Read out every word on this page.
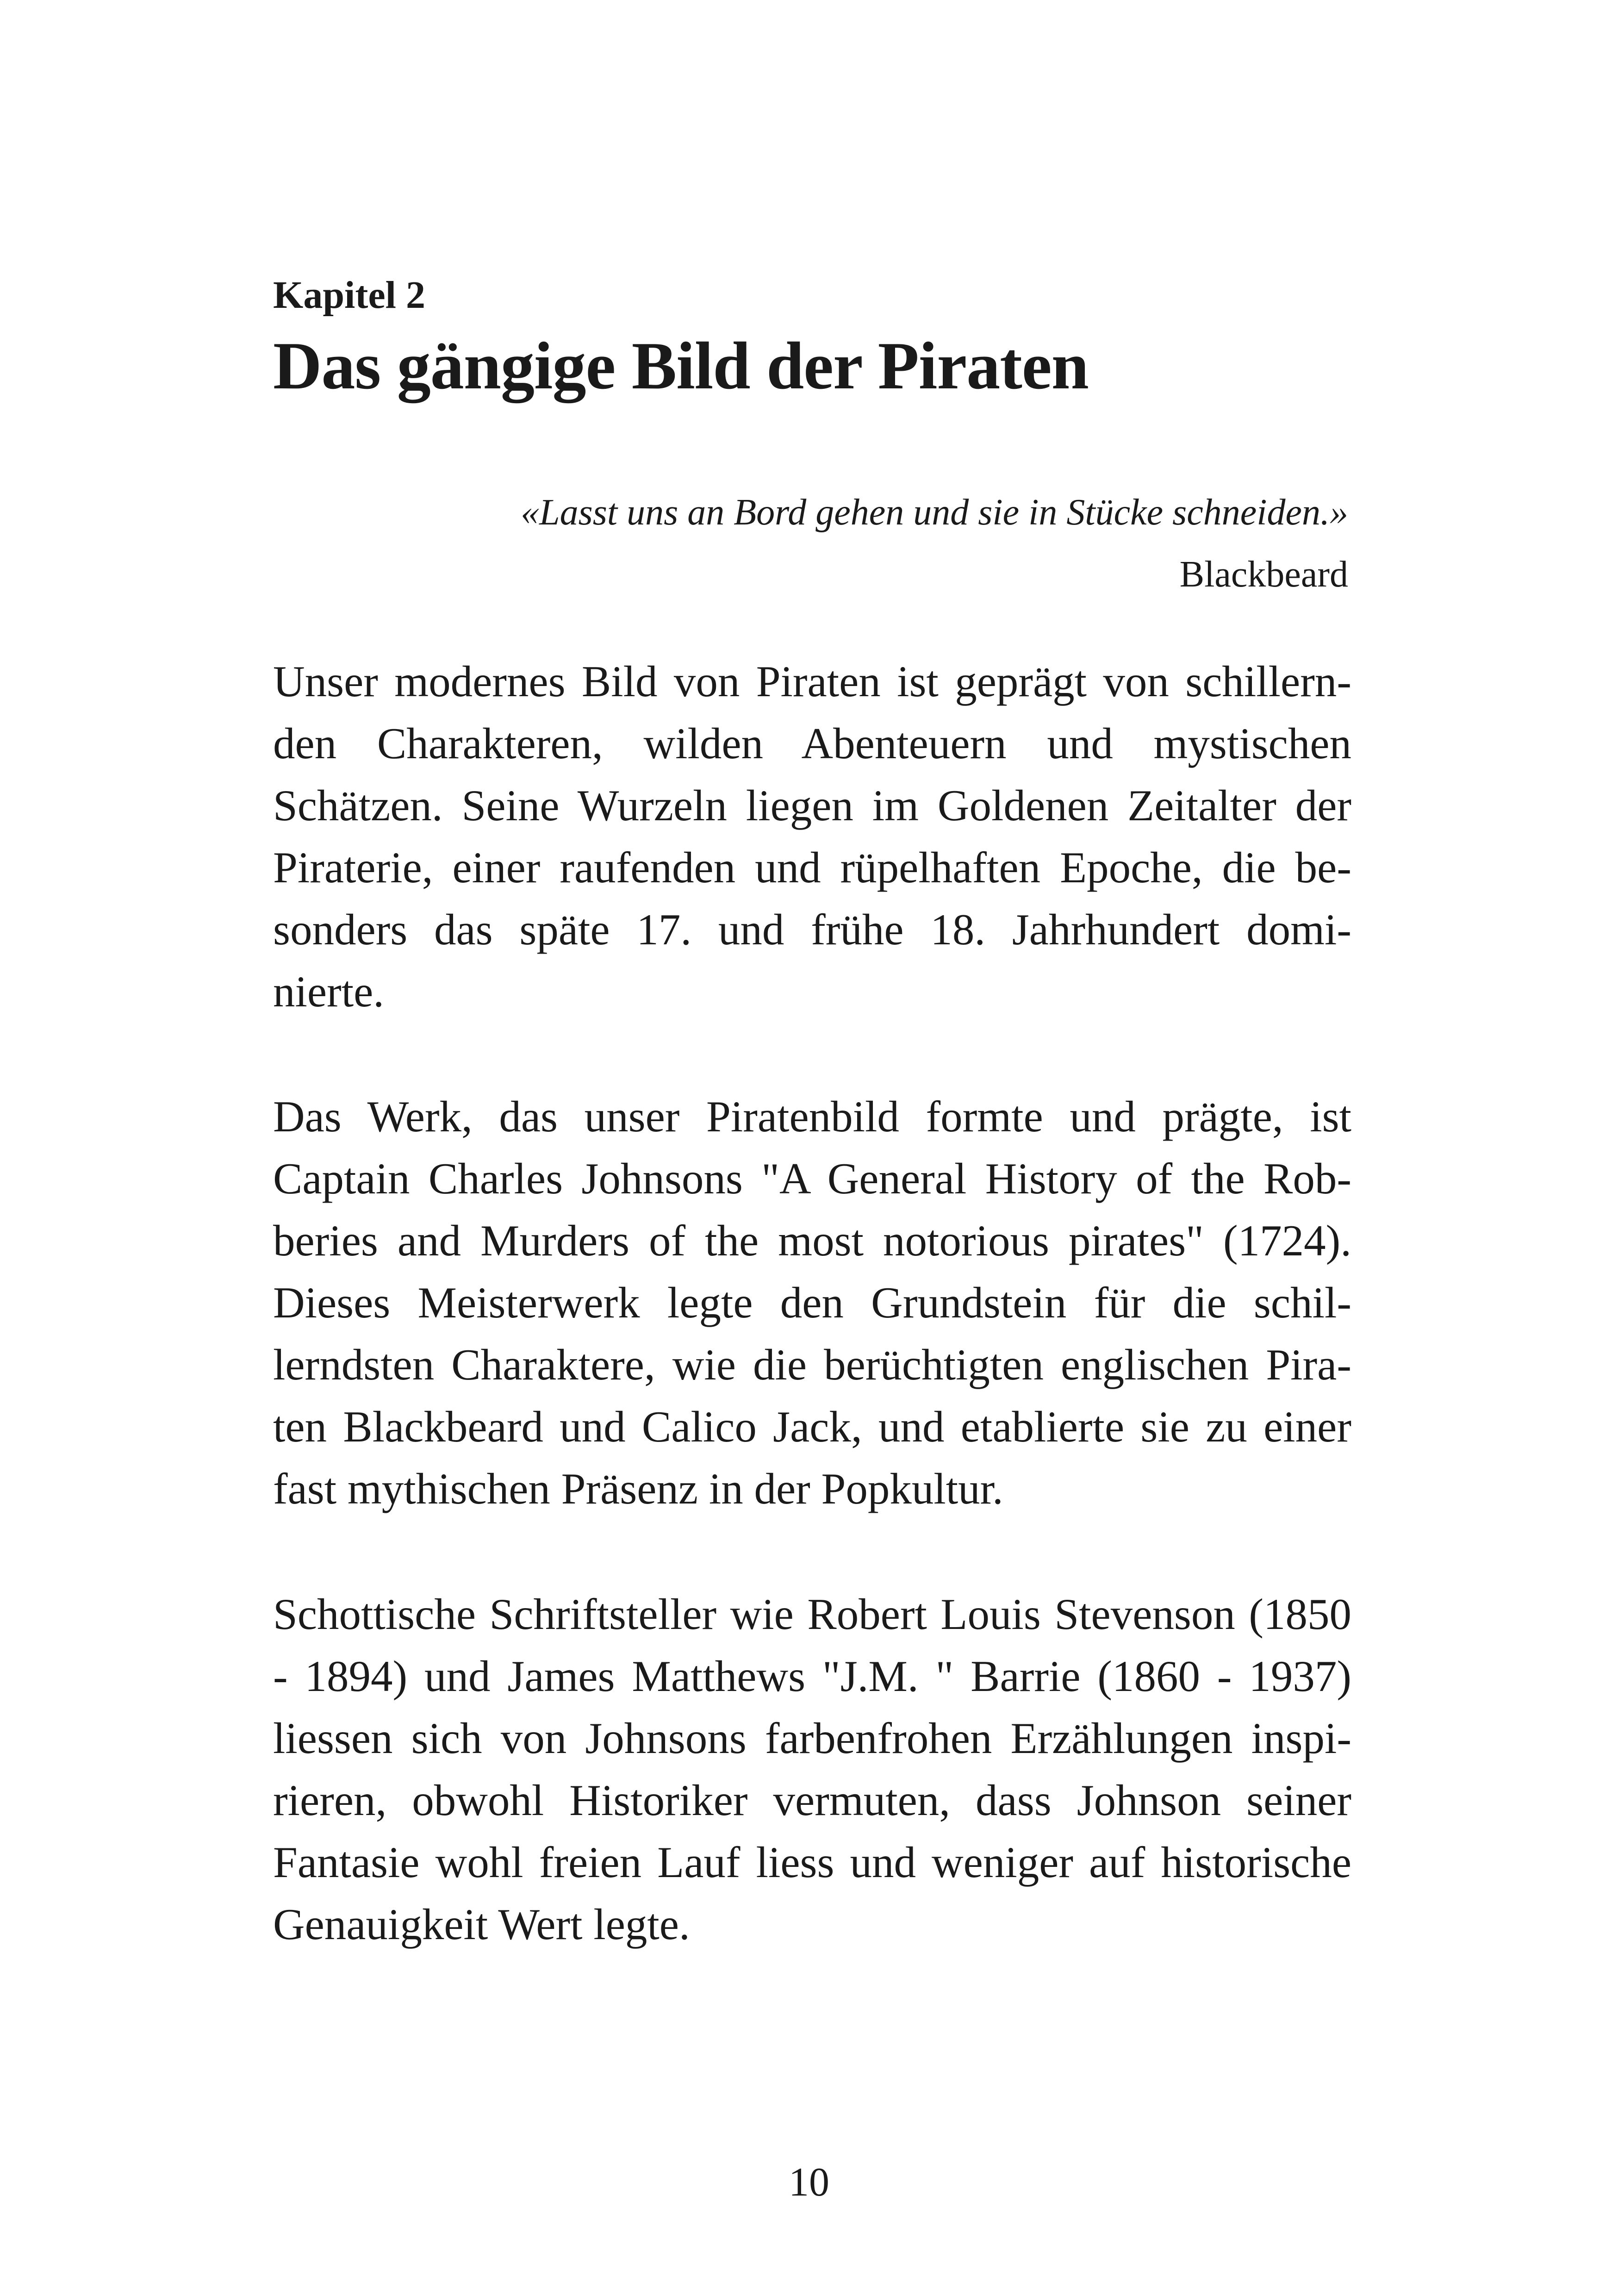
Kapitel 2
Das gängige Bild der Piraten
«Lasst uns an Bord gehen und sie in Stücke schneiden.»
Blackbeard
Unser modernes Bild von Piraten ist geprägt von schillern-
den Charakteren, wilden Abenteuern und mystischen
Schätzen. Seine Wurzeln liegen im Goldenen Zeitalter der
Piraterie, einer raufenden und rüpelhaften Epoche, die be-
sonders das späte 17. und frühe 18. Jahrhundert domi-
nierte.
Das Werk, das unser Piratenbild formte und prägte, ist
Captain Charles Johnsons "A General History of the Rob-
beries and Murders of the most notorious pirates" (1724).
Dieses Meisterwerk legte den Grundstein für die schil-
lerndsten Charaktere, wie die berüchtigten englischen Pira-
ten Blackbeard und Calico Jack, und etablierte sie zu einer
fast mythischen Präsenz in der Popkultur.
Schottische Schriftsteller wie Robert Louis Stevenson (1850
- 1894) und James Matthews "J.M. " Barrie (1860 - 1937)
liessen sich von Johnsons farbenfrohen Erzählungen inspi-
rieren, obwohl Historiker vermuten, dass Johnson seiner
Fantasie wohl freien Lauf liess und weniger auf historische
Genauigkeit Wert legte.
10
